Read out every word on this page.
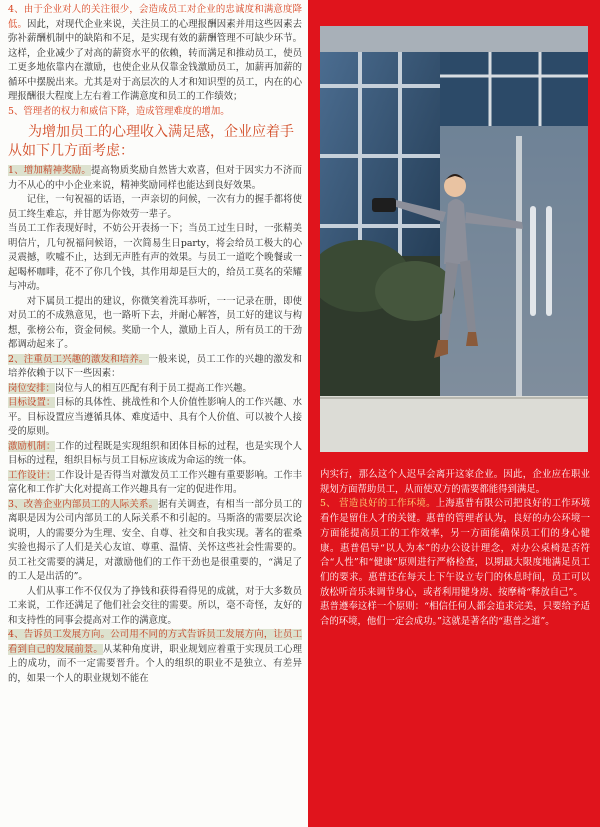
4、由于企业对人的关注很少，会造成员工对企业的忠诚度和满意度降低。因此，对现代企业来说，关注员工的心理报酬因素并用这些因素去弥补薪酬机制中的缺陷和不足，是实现有效的薪酬管理不可缺少环节。这样，企业减少了对高的薪资水平的依赖，转而满足和推动员工，使员工更多地依靠内在激励，也使企业从仅靠金钱激励员工，加薪再加薪的循环中摆脱出来。尤其是对于高层次的人才和知识型的员工，内在的心理报酬很大程度上左右着工作满意度和员工的工作绩效；

5、管理者的权力和威信下降，造成管理难度的增加。

为增加员工的心理收入满足感，企业应着手
从如下几方面考虑：

1、增加精神奖励。提高物质奖励自然皆大欢喜，但对于因实力不济而力不从心的中小企业来说，精神奖励同样也能达到良好效果。

记住，一句祝福的话语，一声亲切的问候，一次有力的握手都将使员工终生难忘，并甘愿为你效劳一辈子。

当员工工作表现好时，不妨公开表扬一下；当员工过生日时，一张精美明信片，几句祝福问候语，一次简易生日party，将会给员工极大的心灵震撼，吹嘘不止，达到无声胜有声的效果。与员工一道吃个晚餐或一起喝杯咖啡，花不了你几个钱，其作用却是巨大的，给员工莫名的荣耀与冲动。

对下属员工提出的建议，你微笑着洗耳恭听，一一记录在册，即使对员工的不成熟意见，也一路听下去，并耐心解答，员工好的建议与构想，张榜公布，资金伺候。奖励一个人，激励上百人，所有员工的干劲都调动起来了。

2、注重员工兴趣的激发和培养。一般来说，员工工作的兴趣的激发和培养依赖于以下一些因素：

岗位安排：岗位与人的相互匹配有利于员工提高工作兴趣。

目标设置：目标的具体性、挑战性和个人价值性影响人的工作兴趣、水平。目标设置应当遵循具体、难度适中、具有个人价值、可以被个人接受的原则。

激励机制：工作的过程既是实现组织和团体目标的过程，也是实现个人目标的过程，组织目标与员工目标应该成为命运的统一体。

工作设计：工作设计是否得当对激发员工工作兴趣有重要影响。工作丰富化和工作扩大化对提高工作兴趣具有一定的促进作用。

3、改善企业内部员工的人际关系。据有关调查，有相当一部分员工的离职是因为公司内部员工的人际关系不和引起的。马斯洛的需要层次论说明，人的需要分为生理、安全、自尊、社交和自我实现。著名的霍桑实验也揭示了人们是关心友谊、尊重、温情、关怀这些社会性需要的。员工社交需要的满足，对激励他们的工作干劲也是很重要的，“满足了的工人是出活的”。

人们从事工作不仅仅为了挣钱和获得看得见的成就，对于大多数员工来说，工作还满足了他们社会交往的需要。所以，毫不奇怪，友好的和支持性的同事会提高对工作的满意度。

4、告诉员工发展方向。公司用不同的方式告诉员工发展方向，让员工看到自己的发展前景。从某种角度讲，职业规划应着重于实现员工心理上的成功，而不一定需要晋升。个人的组织的职业不是独立、有差异的，如果一个人的职业规划不能在

内实行，那么这个人迟早会离开这家企业。因此，企业应在职业规划方面帮助员工，从而使双方的需要都能得到满足。

5、 营造良好的工作环境。上海惠普有限公司把良好的工作环境看作是留住人才的关键。惠普的管理者认为，良好的办公环境一方面能提高员工的工作效率，另一方面能确保员工们的身心健康。惠普倡导“以人为本”的办公设计理念，对办公桌椅是否符合“人性”和“健康”原则进行严格检查，以期最大限度地满足员工们的要求。惠普还在每天上下午设立专门的休息时间，员工可以放松听音乐来调节身心，或者利用健身房、按摩椅“释放自己”。

惠普遵奉这样一个原则：“相信任何人都会追求完美，只要给予适合的环境，他们一定会成功。”这就是著名的“惠普之道”。
